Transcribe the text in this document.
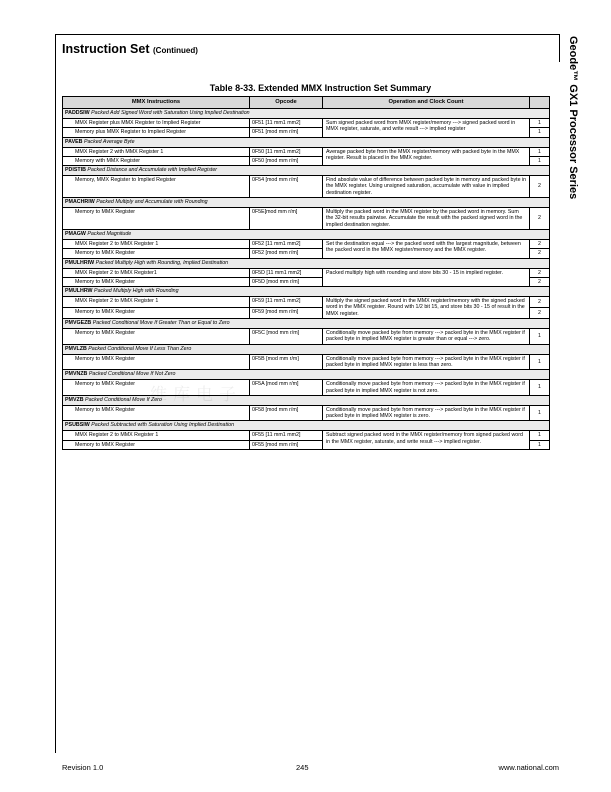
Instruction Set (Continued)	Geode™ GX1 Processor Series
Table 8-33. Extended MMX Instruction Set Summary
MMX Instructions	Opcode	Operation and Clock Count	
PADDSIW Packed Add Signed Word with Saturation Using Implied Destination			
MMX Register plus MMX Register to Implied Register	0F51 [11 mm1 mm2]	Sum signed packed word from MMX register/memory ---> signed packed word in MMX register, saturate, and write result ---> implied register	1
Memory plus MMX Register to Implied Register	0F51 [mod mm r/m]		1
PAVEB Packed Average Byte			
MMX Register 2 with MMX Register 1	0F50 [11 mm1 mm2]	Average packed byte from the MMX register/memory with packed byte in the MMX register. Result is placed in the MMX register.	1
Memory with MMX Register	0F50 [mod mm r/m]		1
PDISTIB Packed Distance and Accumulate with Implied Register			
Memory, MMX Register to Implied Register	0F54 [mod mm r/m]	Find absolute value of difference between packed byte in memory and packed byte in the MMX register. Using unsigned saturation, accumulate with value in implied destination register.	2
PMACHRIW Packed Multiply and Accumulate with Rounding			
Memory to MMX Register	0F5E[mod mm r/m]	Multiply the packed word in the MMX register by the packed word in memory. Sum the 32-bit results pairwise. Accumulate the result with the packed signed word in the implied destination register.	2
PMAGW Packed Magnitude			
MMX Register 2 to MMX Register 1	0F52 [11 mm1 mm2]	Set the destination equal ---> the packed word with the largest magnitude, between the packed word in the MMX register/memory and the MMX register.	2
Memory to MMX Register	0F52 [mod mm r/m]		2
PMULHRIW Packed Multiply High with Rounding, Implied Destination			
MMX Register 2 to MMX Register1	0F5D [11 mm1 mm2]	Packed multiply high with rounding and store bits 30 - 15 in implied register.	2
Memory to MMX Register	0F5D [mod mm r/m]		2
PMULHRW Packed Multiply High with Rounding			
MMX Register 2 to MMX Register 1	0F59 [11 mm1 mm2]	Multiply the signed packed word in the MMX register/memory with the signed packed word in the MMX register. Round with 1/2 bit 15, and store bits 30 - 15 of result in the MMX register.	2
Memory to MMX Register	0F59 [mod mm r/m]		2
PMVGEZB Packed Conditional Move If Greater Than or Equal to Zero			
Memory to MMX Register	0F5C [mod mm r/m]	Conditionally move packed byte from memory ---> packed byte in the MMX register if packed byte in implied MMX register is greater than or equal ---> zero.	1
PMVLZB Packed Conditional Move If Less Than Zero			
Memory to MMX Register	0F5B [mod mm r/m]	Conditionally move packed byte from memory ---> packed byte in the MMX register if packed byte in implied MMX register is less than zero.	1
PMVNZB Packed Conditional Move If Not Zero			
Memory to MMX Register	0F5A [mod mm r/m]	Conditionally move packed byte from memory ---> packed byte in the MMX register if packed byte in implied MMX register is not zero.	1
PMVZB Packed Conditional Move If Zero			
Memory to MMX Register	0F58 [mod mm r/m]	Conditionally move packed byte from memory ---> packed byte in the MMX register if packed byte in implied MMX register is zero.	1
PSUBSIW Packed Subtracted with Saturation Using Implied Destination			
MMX Register 2 to MMX Register 1	0F55 [11 mm1 mm2]	Subtract signed packed word in the MMX register/memory from signed packed word in the MMX register, saturate, and write result ---> implied register.	1
Memory to MMX Register	0F55 [mod mm r/m]		1
维库电子
Revision 1.0	245	www.national.com
